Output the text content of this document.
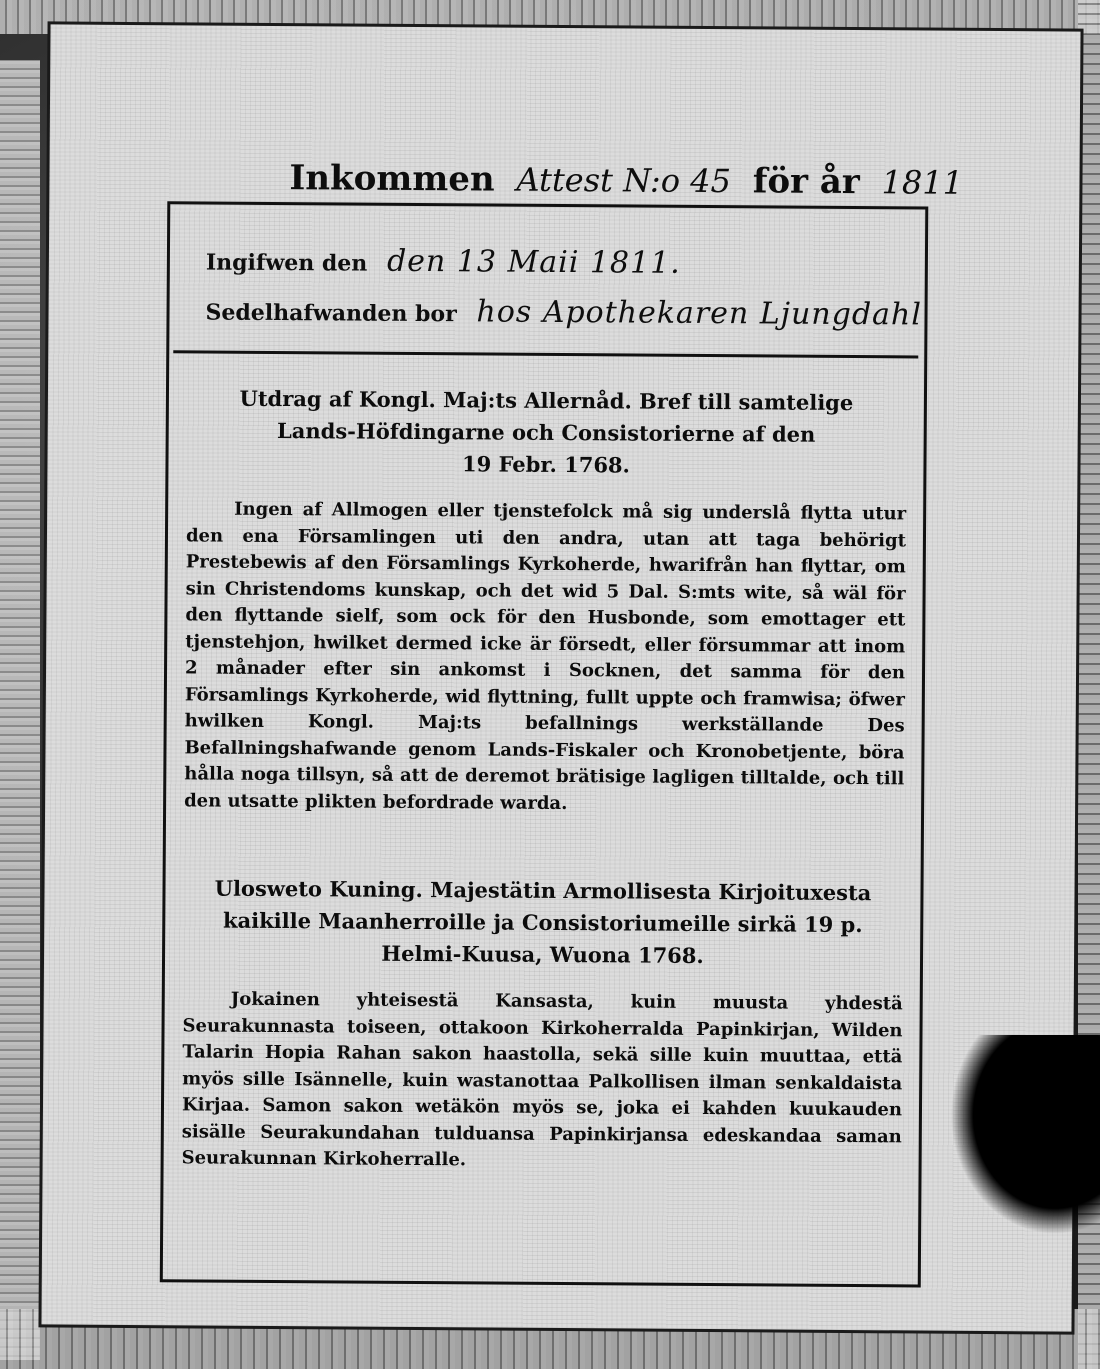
Inkommen Attest N:o 45 för år 1811
Ingifwen den den 13 Maii 1811.
Sedelhafwanden bor hos Apothekaren Ljungdahl
Utdrag af Kongl. Maj:ts Allernåd. Bref till samtelige
Lands-Höfdingarne och Consistorierne af den
19 Febr. 1768.
Ingen af Allmogen eller tjenstefolck må sig underslå flytta utur den ena Församlingen uti den andra, utan att taga behörigt Prestebewis af den Församlings Kyrkoherde, hwarifrån han flyttar, om sin Christendoms kunskap, och det wid 5 Dal. S:mts wite, så wäl för den flyttande sielf, som ock för den Husbonde, som emottager ett tjenstehjon, hwilket dermed icke är försedt, eller försummar att inom 2 månader efter sin ankomst i Socknen, det samma för den Församlings Kyrkoherde, wid flyttning, fullt uppte och framwisa; öfwer hwilken Kongl. Maj:ts befallnings werkställande Des Befallningshafwande genom Lands-Fiskaler och Kronobetjente, böra hålla noga tillsyn, så att de deremot brätisige lagligen tilltalde, och till den utsatte plikten befordrade warda.
Ulosweto Kuning. Majestätin Armollisesta Kirjoituxesta
kaikille Maanherroille ja Consistoriumeille sirkä 19 p.
Helmi-Kuusa, Wuona 1768.
Jokainen yhteisestä Kansasta, kuin muusta yhdestä Seurakunnasta toiseen, ottakoon Kirkoherralda Papinkirjan, Wilden Talarin Hopia Rahan sakon haastolla, sekä sille kuin muuttaa, että myös sille Isännelle, kuin wastanottaa Palkollisen ilman senkaldaista Kirjaa. Samon sakon wetäkön myös se, joka ei kahden kuukauden sisälle Seurakundahan tulduansa Papinkirjansa edeskandaa saman Seurakunnan Kirkoherralle.
